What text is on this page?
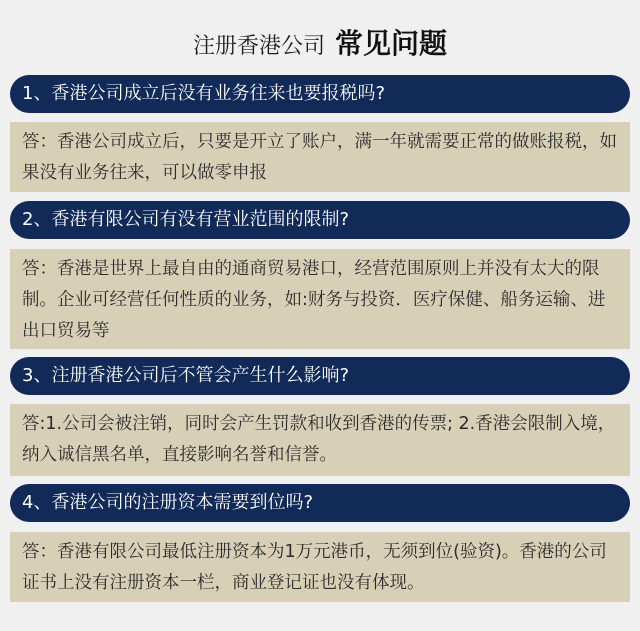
注册香港公司 常见问题
1、香港公司成立后没有业务往来也要报税吗?
答：香港公司成立后，只要是开立了账户，满一年就需要正常的做账报税，如果没有业务往来，可以做零申报
2、香港有限公司有没有营业范围的限制?
答：香港是世界上最自由的通商贸易港口，经营范围原则上并没有太大的限制。企业可经营任何性质的业务，如:财务与投资．医疗保健、船务运输、进出口贸易等
3、注册香港公司后不管会产生什么影响?
答:1.公司会被注销，同时会产生罚款和收到香港的传票; 2.香港会限制入境，纳入诚信黑名单，直接影响名誉和信誉。
4、香港公司的注册资本需要到位吗?
答：香港有限公司最低注册资本为1万元港币，无须到位(验资)。香港的公司证书上没有注册资本一栏，商业登记证也没有体现。
